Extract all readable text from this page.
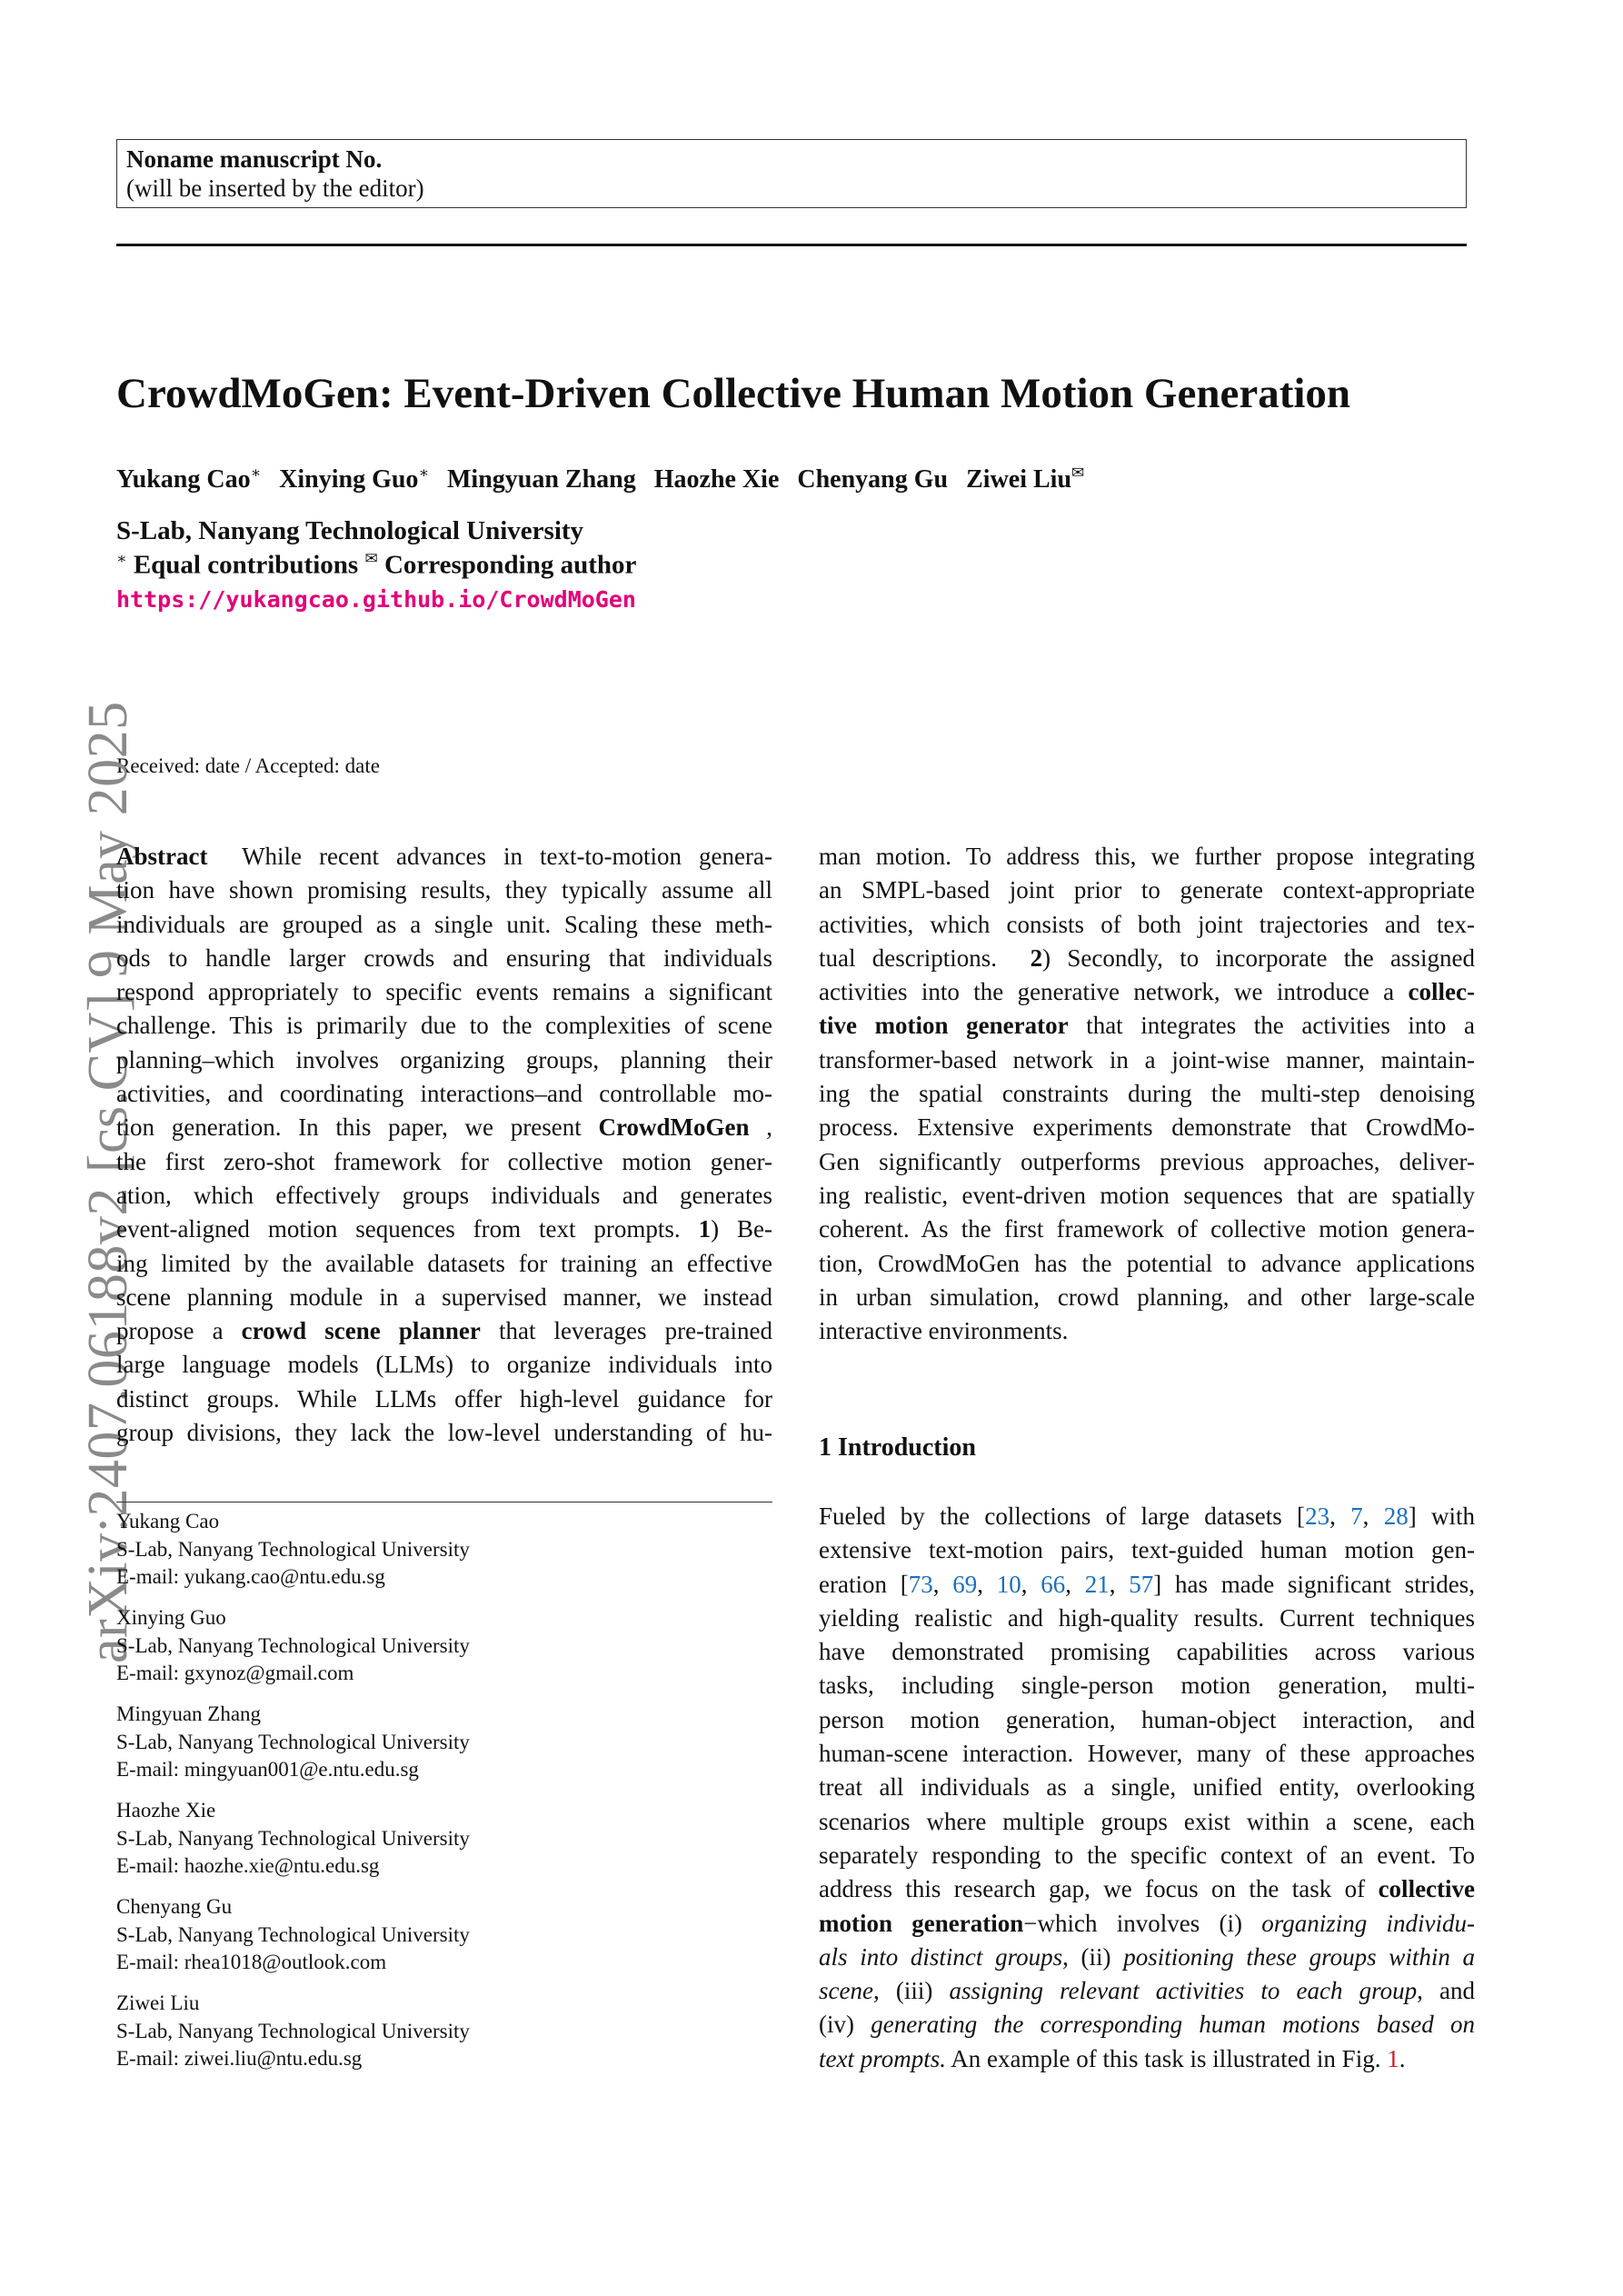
Noname manuscript No.
(will be inserted by the editor)
CrowdMoGen: Event-Driven Collective Human Motion Generation
Yukang Cao∗ Xinying Guo∗ Mingyuan Zhang Haozhe Xie Chenyang Gu Ziwei Liu✉
S-Lab, Nanyang Technological University
∗ Equal contributions ✉ Corresponding author
https://yukangcao.github.io/CrowdMoGen
Received: date / Accepted: date
arXiv:2407.06188v2 [cs.CV] 9 May 2025
Abstract While recent advances in text-to-motion genera-
tion have shown promising results, they typically assume all
individuals are grouped as a single unit. Scaling these meth-
ods to handle larger crowds and ensuring that individuals
respond appropriately to specific events remains a significant
challenge. This is primarily due to the complexities of scene
planning–which involves organizing groups, planning their
activities, and coordinating interactions–and controllable mo-
tion generation. In this paper, we present CrowdMoGen ,
the first zero-shot framework for collective motion gener-
ation, which effectively groups individuals and generates
event-aligned motion sequences from text prompts. 1) Be-
ing limited by the available datasets for training an effective
scene planning module in a supervised manner, we instead
propose a crowd scene planner that leverages pre-trained
large language models (LLMs) to organize individuals into
distinct groups. While LLMs offer high-level guidance for
group divisions, they lack the low-level understanding of hu-
man motion. To address this, we further propose integrating
an SMPL-based joint prior to generate context-appropriate
activities, which consists of both joint trajectories and tex-
tual descriptions. 2) Secondly, to incorporate the assigned
activities into the generative network, we introduce a collec-
tive motion generator that integrates the activities into a
transformer-based network in a joint-wise manner, maintain-
ing the spatial constraints during the multi-step denoising
process. Extensive experiments demonstrate that CrowdMo-
Gen significantly outperforms previous approaches, deliver-
ing realistic, event-driven motion sequences that are spatially
coherent. As the first framework of collective motion genera-
tion, CrowdMoGen has the potential to advance applications
in urban simulation, crowd planning, and other large-scale
interactive environments.
1 Introduction
Fueled by the collections of large datasets [23, 7, 28] with
extensive text-motion pairs, text-guided human motion gen-
eration [73, 69, 10, 66, 21, 57] has made significant strides,
yielding realistic and high-quality results. Current techniques
have demonstrated promising capabilities across various
tasks, including single-person motion generation, multi-
person motion generation, human-object interaction, and
human-scene interaction. However, many of these approaches
treat all individuals as a single, unified entity, overlooking
scenarios where multiple groups exist within a scene, each
separately responding to the specific context of an event. To
address this research gap, we focus on the task of collective
motion generation−which involves (i) organizing individu-
als into distinct groups, (ii) positioning these groups within a
scene, (iii) assigning relevant activities to each group, and
(iv) generating the corresponding human motions based on
text prompts. An example of this task is illustrated in Fig. 1.
Yukang Cao
S-Lab, Nanyang Technological University
E-mail: yukang.cao@ntu.edu.sg
Xinying Guo
S-Lab, Nanyang Technological University
E-mail: gxynoz@gmail.com
Mingyuan Zhang
S-Lab, Nanyang Technological University
E-mail: mingyuan001@e.ntu.edu.sg
Haozhe Xie
S-Lab, Nanyang Technological University
E-mail: haozhe.xie@ntu.edu.sg
Chenyang Gu
S-Lab, Nanyang Technological University
E-mail: rhea1018@outlook.com
Ziwei Liu
S-Lab, Nanyang Technological University
E-mail: ziwei.liu@ntu.edu.sg
